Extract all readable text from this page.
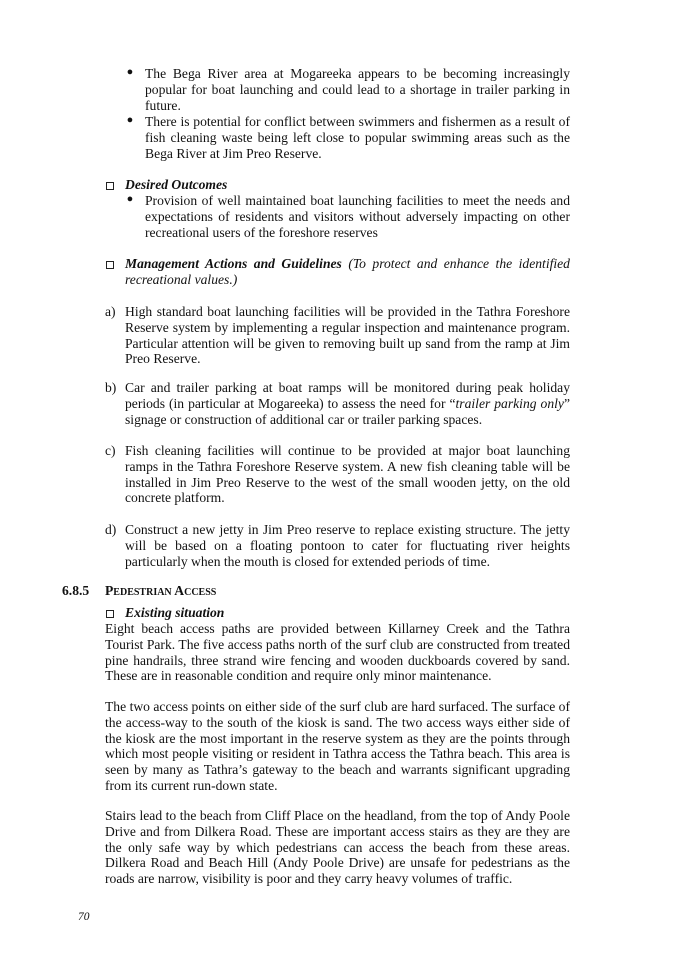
● The Bega River area at Mogareeka appears to be becoming increasingly popular for boat launching and could lead to a shortage in trailer parking in future.
● There is potential for conflict between swimmers and fishermen as a result of fish cleaning waste being left close to popular swimming areas such as the Bega River at Jim Preo Reserve.
Desired Outcomes
● Provision of well maintained boat launching facilities to meet the needs and expectations of residents and visitors without adversely impacting on other recreational users of the foreshore reserves
Management Actions and Guidelines (To protect and enhance the identified recreational values.)
a) High standard boat launching facilities will be provided in the Tathra Foreshore Reserve system by implementing a regular inspection and maintenance program. Particular attention will be given to removing built up sand from the ramp at Jim Preo Reserve.
b) Car and trailer parking at boat ramps will be monitored during peak holiday periods (in particular at Mogareeka) to assess the need for “trailer parking only” signage or construction of additional car or trailer parking spaces.
c) Fish cleaning facilities will continue to be provided at major boat launching ramps in the Tathra Foreshore Reserve system. A new fish cleaning table will be installed in Jim Preo Reserve to the west of the small wooden jetty, on the old concrete platform.
d) Construct a new jetty in Jim Preo reserve to replace existing structure. The jetty will be based on a floating pontoon to cater for fluctuating river heights particularly when the mouth is closed for extended periods of time.
6.8.5 Pedestrian Access
Existing situation
Eight beach access paths are provided between Killarney Creek and the Tathra Tourist Park. The five access paths north of the surf club are constructed from treated pine handrails, three strand wire fencing and wooden duckboards covered by sand. These are in reasonable condition and require only minor maintenance.
The two access points on either side of the surf club are hard surfaced. The surface of the access-way to the south of the kiosk is sand. The two access ways either side of the kiosk are the most important in the reserve system as they are the points through which most people visiting or resident in Tathra access the Tathra beach. This area is seen by many as Tathra’s gateway to the beach and warrants significant upgrading from its current run-down state.
Stairs lead to the beach from Cliff Place on the headland, from the top of Andy Poole Drive and from Dilkera Road. These are important access stairs as they are they are the only safe way by which pedestrians can access the beach from these areas. Dilkera Road and Beach Hill (Andy Poole Drive) are unsafe for pedestrians as the roads are narrow, visibility is poor and they carry heavy volumes of traffic.
70
